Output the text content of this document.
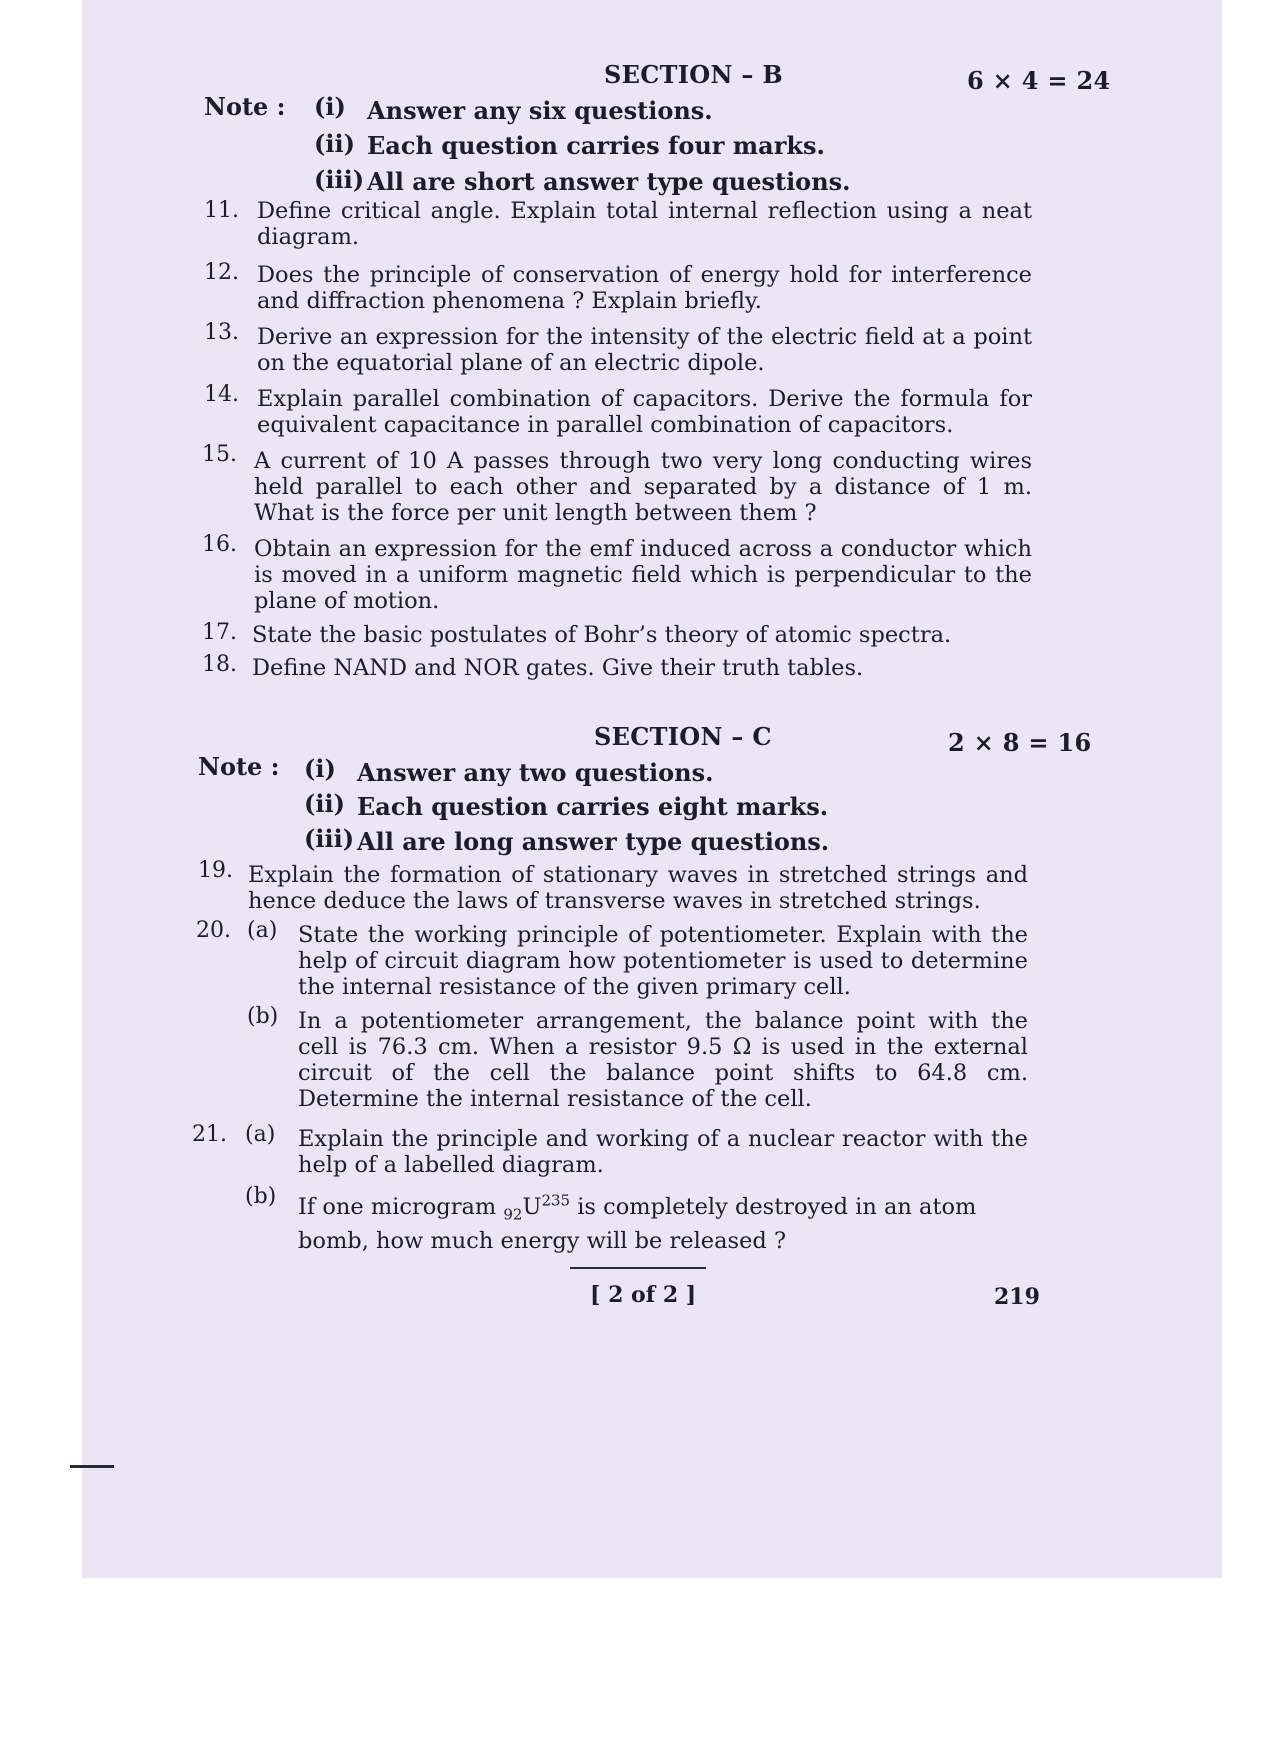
SECTION – B	6 × 4 = 24
Note : (i) Answer any six questions.
(ii) Each question carries four marks.
(iii) All are short answer type questions.
11. Define critical angle. Explain total internal reflection using a neat diagram.
12. Does the principle of conservation of energy hold for interference and diffraction phenomena ? Explain briefly.
13. Derive an expression for the intensity of the electric field at a point on the equatorial plane of an electric dipole.
14. Explain parallel combination of capacitors. Derive the formula for equivalent capacitance in parallel combination of capacitors.
15. A current of 10 A passes through two very long conducting wires held parallel to each other and separated by a distance of 1 m. What is the force per unit length between them ?
16. Obtain an expression for the emf induced across a conductor which is moved in a uniform magnetic field which is perpendicular to the plane of motion.
17. State the basic postulates of Bohr’s theory of atomic spectra.
18. Define NAND and NOR gates. Give their truth tables.
SECTION – C	2 × 8 = 16
Note : (i) Answer any two questions.
(ii) Each question carries eight marks.
(iii) All are long answer type questions.
19. Explain the formation of stationary waves in stretched strings and hence deduce the laws of transverse waves in stretched strings.
20. (a) State the working principle of potentiometer. Explain with the help of circuit diagram how potentiometer is used to determine the internal resistance of the given primary cell.
(b) In a potentiometer arrangement, the balance point with the cell is 76.3 cm. When a resistor 9.5 Ω is used in the external circuit of the cell the balance point shifts to 64.8 cm. Determine the internal resistance of the cell.
21. (a) Explain the principle and working of a nuclear reactor with the help of a labelled diagram.
(b) If one microgram $_{92}U^{235}$ is completely destroyed in an atom bomb, how much energy will be released ?
[ 2 of 2 ]	219
